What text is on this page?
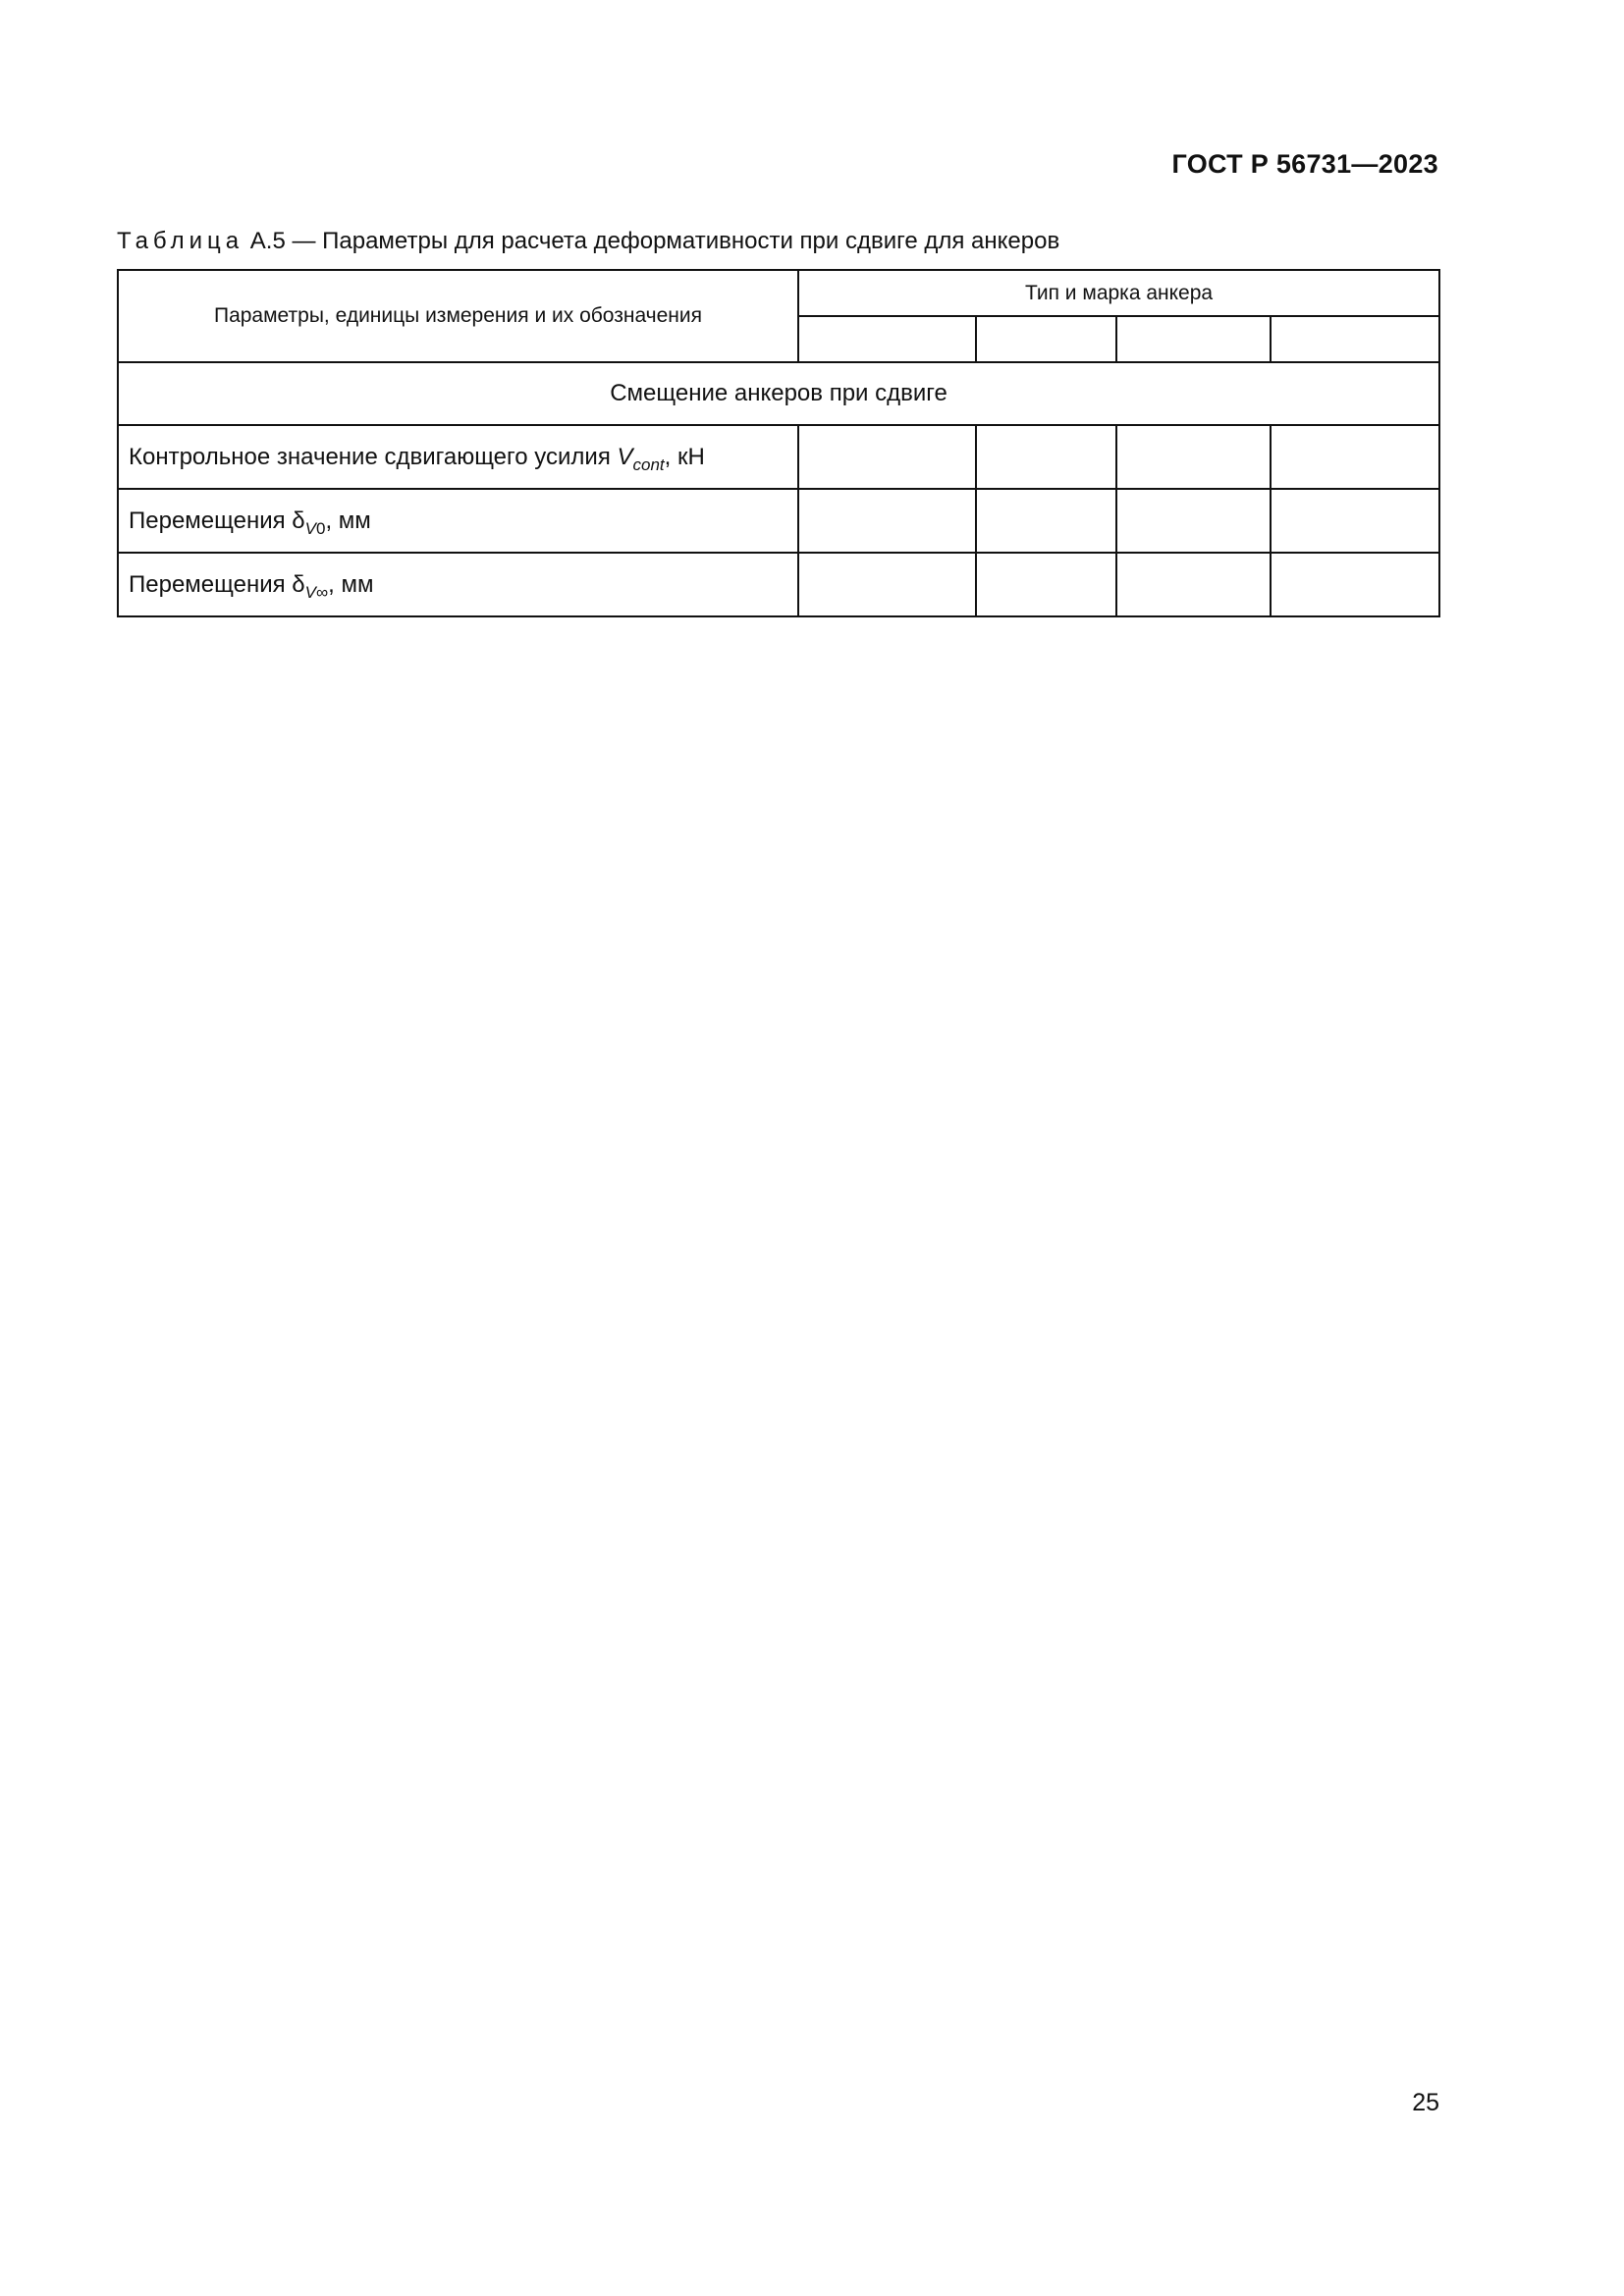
ГОСТ Р 56731—2023
Таблица А.5 — Параметры для расчета деформативности при сдвиге для анкеров
Параметры, единицы измерения и их обозначения	Тип и марка анкера			

Смещение анкеров при сдвиге				
Контрольное значение сдвигающего усилия $V_{cont}$, кН				
Перемещения $\delta_{V0}$, мм				
Перемещения $\delta_{V\infty}$, мм				
25
